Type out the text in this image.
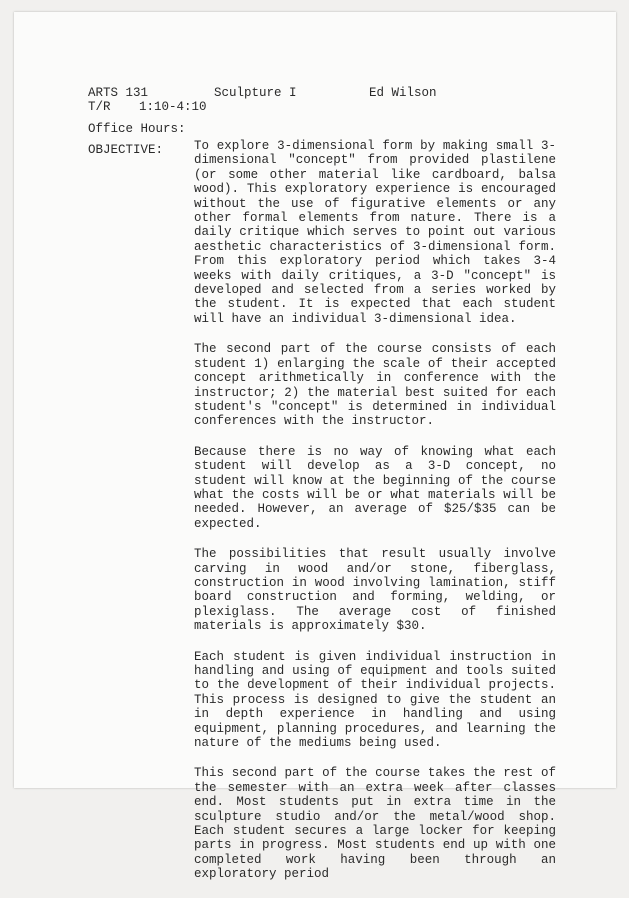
ARTS 131	Sculpture I	Ed Wilson
T/R 1:10-4:10
Office Hours:
OBJECTIVE: To explore 3-dimensional form by making small 3-dimensional "concept" from provided plastilene (or some other material like cardboard, balsa wood). This exploratory experience is encouraged without the use of figurative elements or any other formal elements from nature. There is a daily critique which serves to point out various aesthetic characteristics of 3-dimensional form. From this exploratory period which takes 3-4 weeks with daily critiques, a 3-D "concept" is developed and selected from a series worked by the student. It is expected that each student will have an individual 3-dimensional idea.

The second part of the course consists of each student 1) enlarging the scale of their accepted concept arithmetically in conference with the instructor; 2) the material best suited for each student's "concept" is determined in individual conferences with the instructor.

Because there is no way of knowing what each student will develop as a 3-D concept, no student will know at the beginning of the course what the costs will be or what materials will be needed. However, an average of $25/$35 can be expected.

The possibilities that result usually involve carving in wood and/or stone, fiberglass, construction in wood involving lamination, stiff board construction and forming, welding, or plexiglass. The average cost of finished materials is approximately $30.

Each student is given individual instruction in handling and using of equipment and tools suited to the development of their individual projects. This process is designed to give the student an in depth experience in handling and using equipment, planning procedures, and learning the nature of the mediums being used.

This second part of the course takes the rest of the semester with an extra week after classes end. Most students put in extra time in the sculpture studio and/or the metal/wood shop. Each student secures a large locker for keeping parts in progress. Most students end up with one completed work having been through an exploratory period
